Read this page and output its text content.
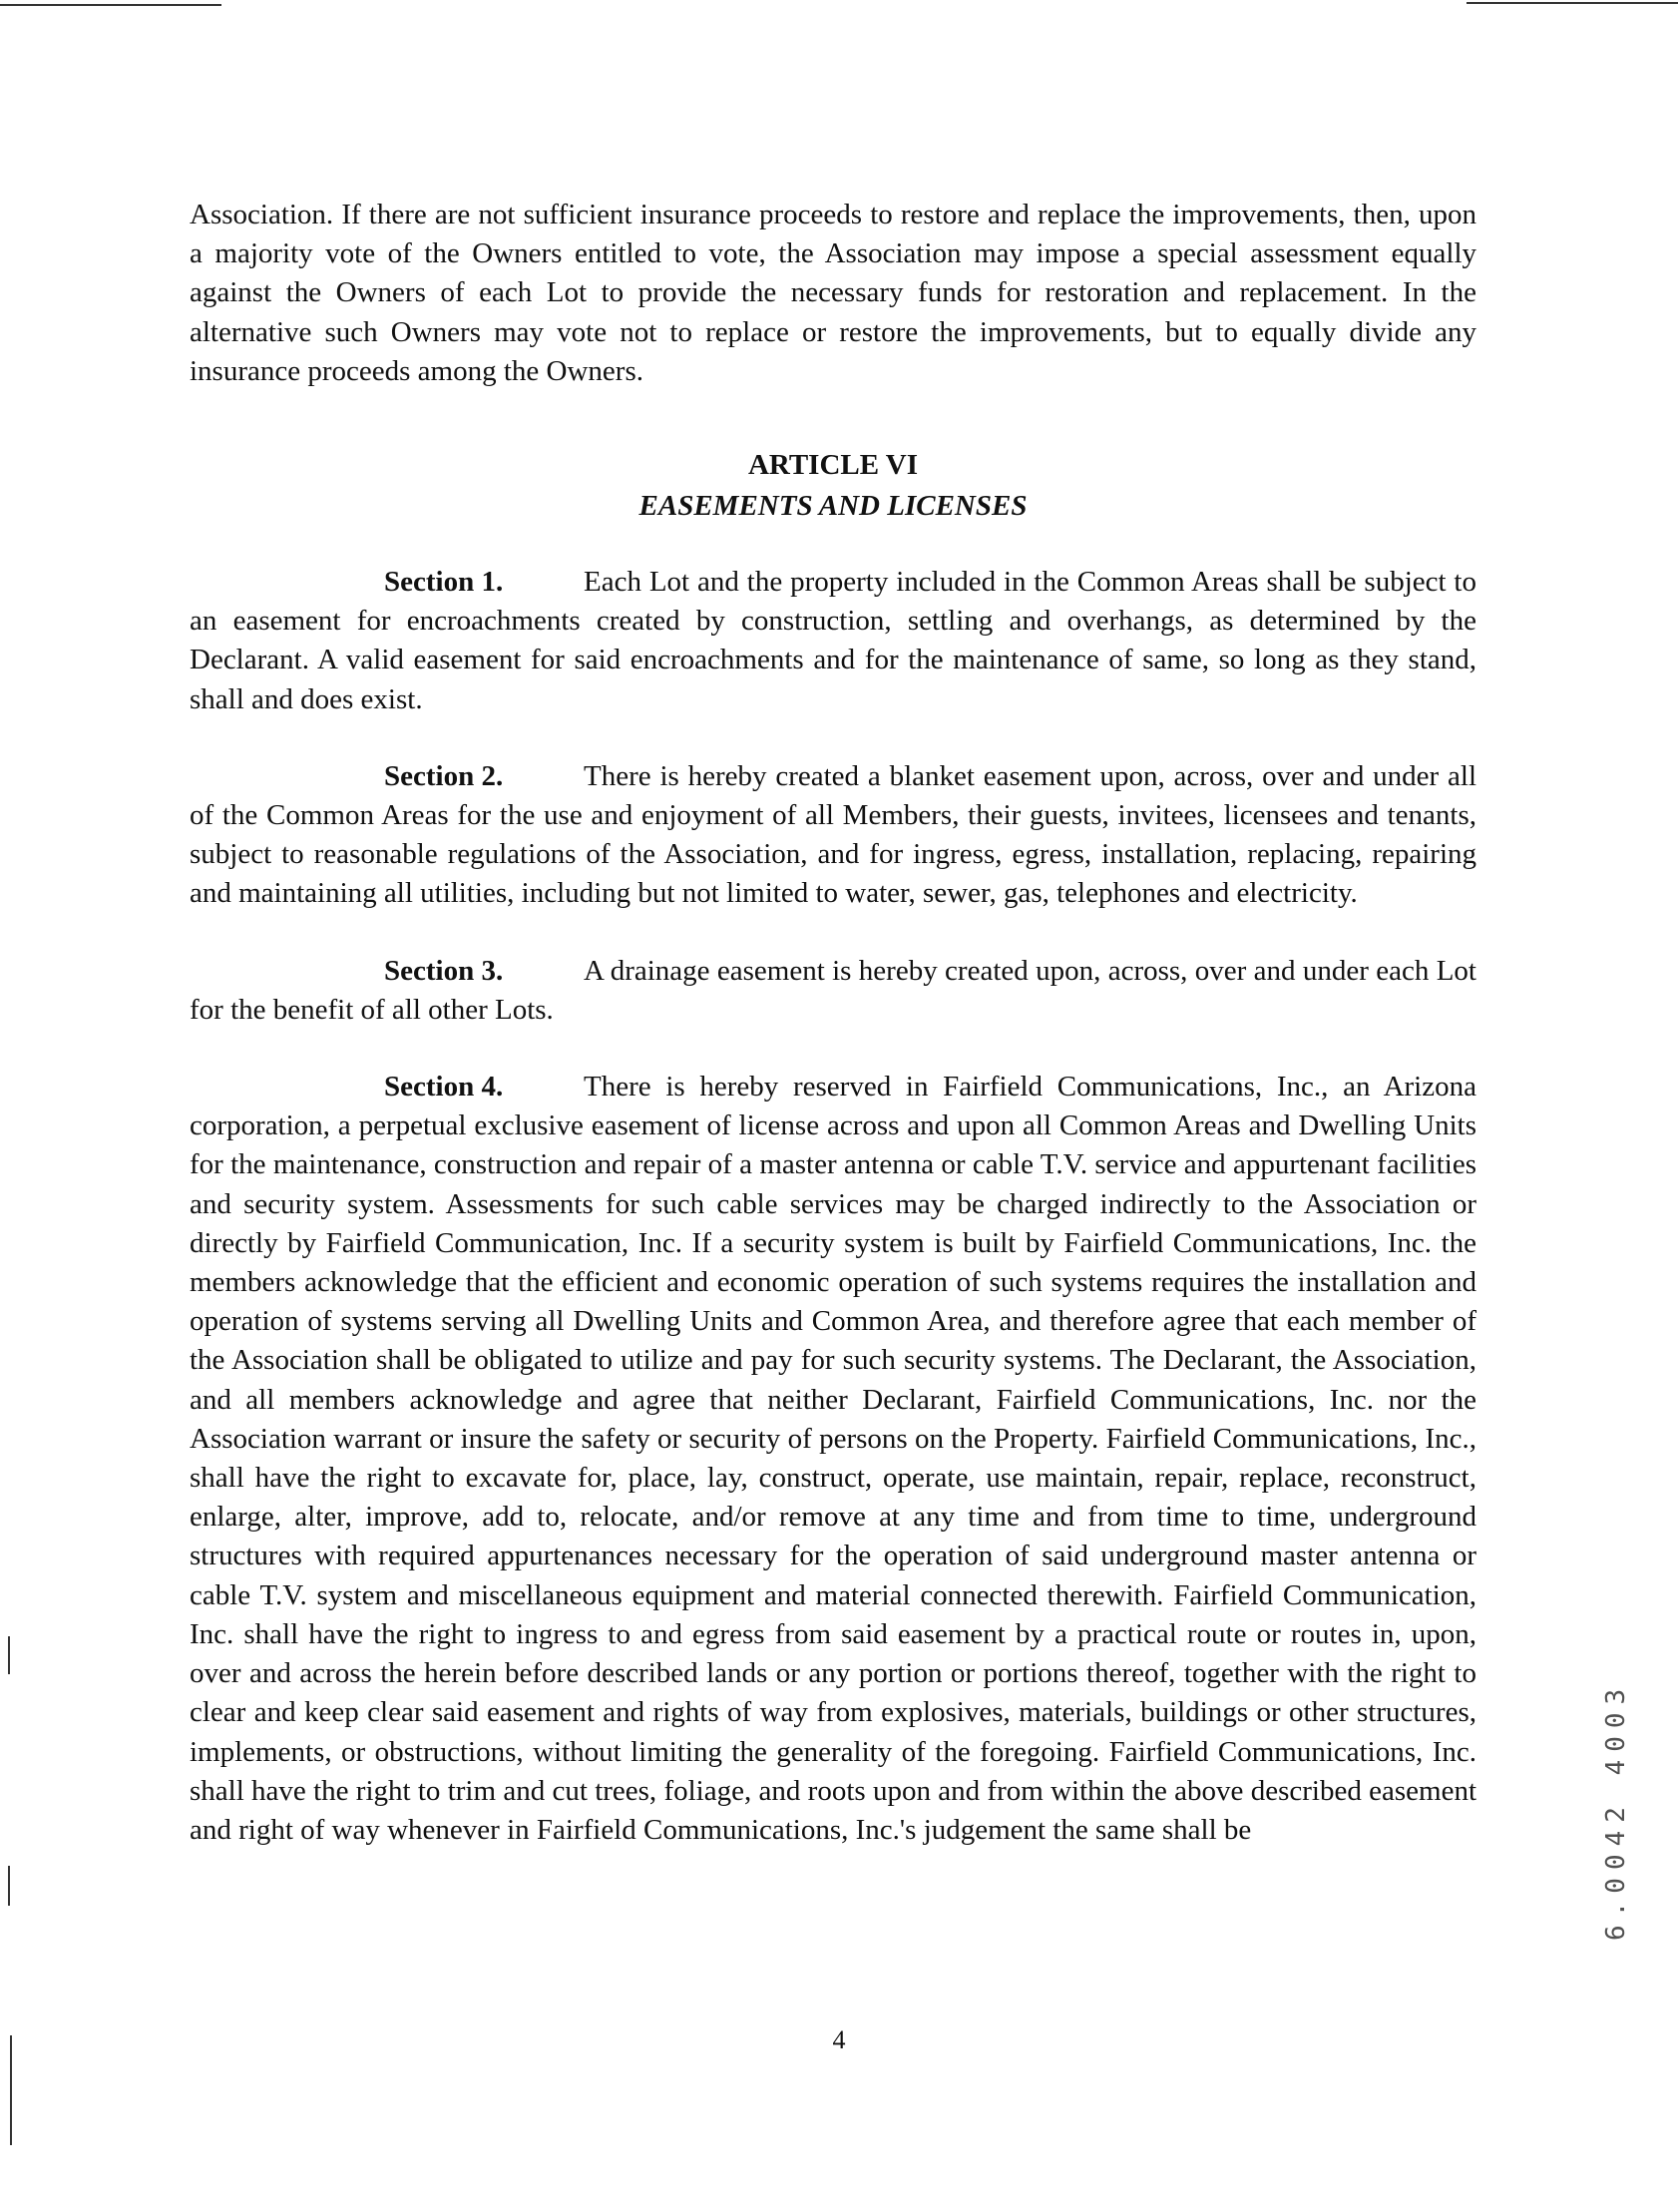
Association. If there are not sufficient insurance proceeds to restore and replace the improvements, then, upon a majority vote of the Owners entitled to vote, the Association may impose a special assessment equally against the Owners of each Lot to provide the necessary funds for restoration and replacement. In the alternative such Owners may vote not to replace or restore the improvements, but to equally divide any insurance proceeds among the Owners.

ARTICLE VI
EASEMENTS AND LICENSES

Section 1.	Each Lot and the property included in the Common Areas shall be subject to an easement for encroachments created by construction, settling and overhangs, as determined by the Declarant. A valid easement for said encroachments and for the maintenance of same, so long as they stand, shall and does exist.

Section 2.	There is hereby created a blanket easement upon, across, over and under all of the Common Areas for the use and enjoyment of all Members, their guests, invitees, licensees and tenants, subject to reasonable regulations of the Association, and for ingress, egress, installation, replacing, repairing and maintaining all utilities, including but not limited to water, sewer, gas, telephones and electricity.

Section 3.	A drainage easement is hereby created upon, across, over and under each Lot for the benefit of all other Lots.

Section 4.	There is hereby reserved in Fairfield Communications, Inc., an Arizona corporation, a perpetual exclusive easement of license across and upon all Common Areas and Dwelling Units for the maintenance, construction and repair of a master antenna or cable T.V. service and appurtenant facilities and security system. Assessments for such cable services may be charged indirectly to the Association or directly by Fairfield Communication, Inc. If a security system is built by Fairfield Communications, Inc. the members acknowledge that the efficient and economic operation of such systems requires the installation and operation of systems serving all Dwelling Units and Common Area, and therefore agree that each member of the Association shall be obligated to utilize and pay for such security systems. The Declarant, the Association, and all members acknowledge and agree that neither Declarant, Fairfield Communications, Inc. nor the Association warrant or insure the safety or security of persons on the Property. Fairfield Communications, Inc., shall have the right to excavate for, place, lay, construct, operate, use maintain, repair, replace, reconstruct, enlarge, alter, improve, add to, relocate, and/or remove at any time and from time to time, underground structures with required appurtenances necessary for the operation of said underground master antenna or cable T.V. system and miscellaneous equipment and material connected therewith. Fairfield Communication, Inc. shall have the right to ingress to and egress from said easement by a practical route or routes in, upon, over and across the herein before described lands or any portion or portions thereof, together with the right to clear and keep clear said easement and rights of way from explosives, materials, buildings or other structures, implements, or obstructions, without limiting the generality of the foregoing. Fairfield Communications, Inc. shall have the right to trim and cut trees, foliage, and roots upon and from within the above described easement and right of way whenever in Fairfield Communications, Inc.'s judgement the same shall be	6.0042 4003
4
